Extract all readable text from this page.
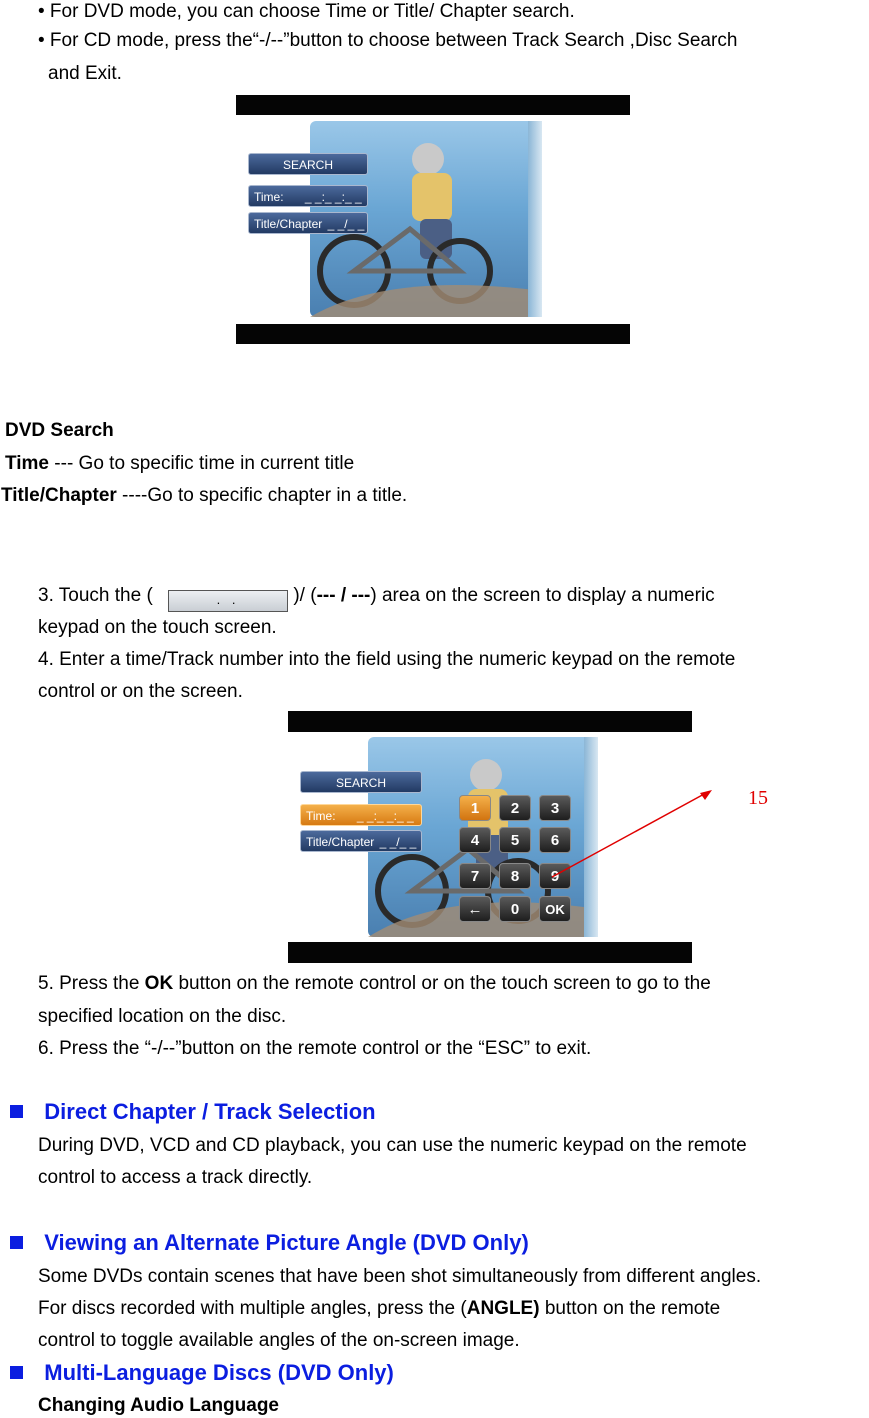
• For DVD mode, you can choose Time or Title/ Chapter search.
• For CD mode, press the“-/--”button to choose between Track Search ,Disc Search
and Exit.
SEARCH
Time: _ _:_ _:_ _
Title/Chapter _ _/_ _
DVD Search
Time --- Go to specific time in current title
Title/Chapter ----Go to specific chapter in a title.
3. Touch the (	. .	)/ (--- / ---) area on the screen to display a numeric
keypad on the touch screen.
4. Enter a time/Track number into the field using the numeric keypad on the remote
control or on the screen.
SEARCH
Time: _ _:_ _:_ _
Title/Chapter _ _/_ _
1	2	3
4	5	6
7	8	9
←	0	OK
15
5. Press the OK button on the remote control or on the touch screen to go to the
specified location on the disc.
6. Press the “-/--”button on the remote control or the “ESC” to exit.
Direct Chapter / Track Selection
During DVD, VCD and CD playback, you can use the numeric keypad on the remote
control to access a track directly.
Viewing an Alternate Picture Angle (DVD Only)
Some DVDs contain scenes that have been shot simultaneously from different angles.
For discs recorded with multiple angles, press the (ANGLE) button on the remote
control to toggle available angles of the on-screen image.
Multi-Language Discs (DVD Only)
Changing Audio Language
